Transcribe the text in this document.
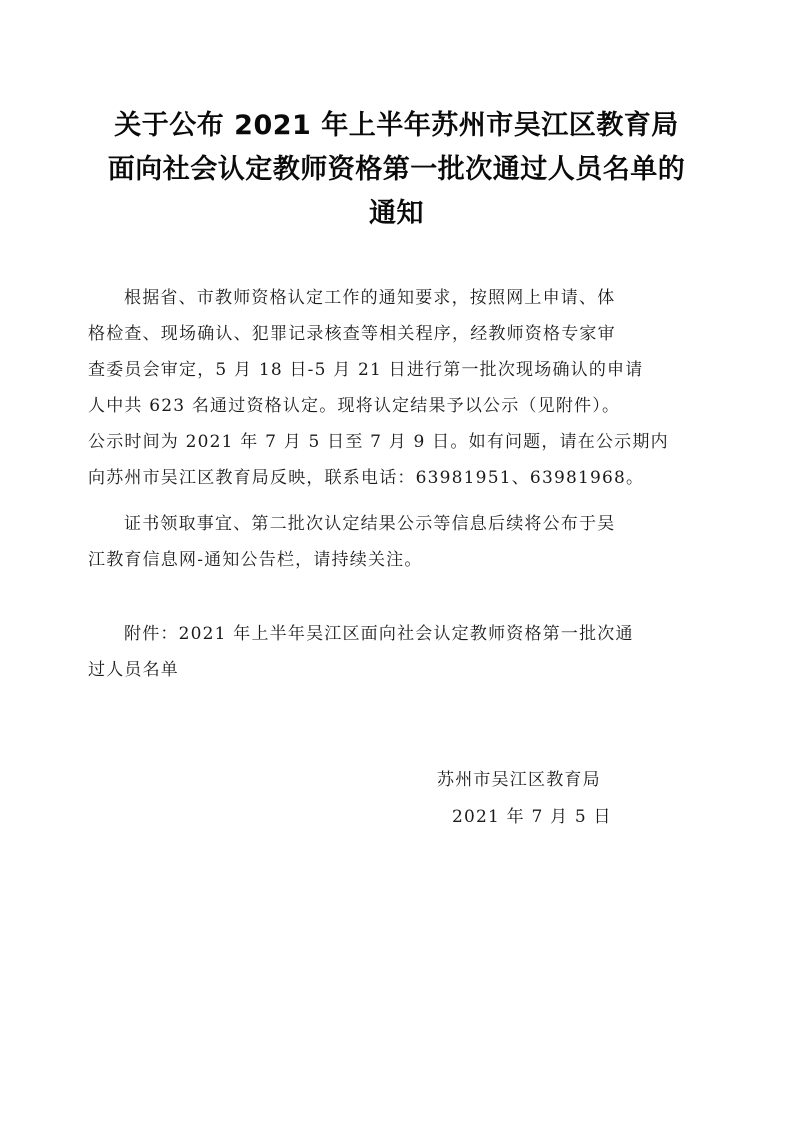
关于公布 2021 年上半年苏州市吴江区教育局
面向社会认定教师资格第一批次通过人员名单的
通知
根据省、市教师资格认定工作的通知要求，按照网上申请、体
格检查、现场确认、犯罪记录核查等相关程序，经教师资格专家审
查委员会审定，5 月 18 日-5 月 21 日进行第一批次现场确认的申请
人中共 623 名通过资格认定。现将认定结果予以公示（见附件）。
公示时间为 2021 年 7 月 5 日至 7 月 9 日。如有问题，请在公示期内
向苏州市吴江区教育局反映，联系电话：63981951、63981968。
证书领取事宜、第二批次认定结果公示等信息后续将公布于吴
江教育信息网-通知公告栏，请持续关注。
附件：2021 年上半年吴江区面向社会认定教师资格第一批次通
过人员名单
苏州市吴江区教育局
2021 年 7 月 5 日
